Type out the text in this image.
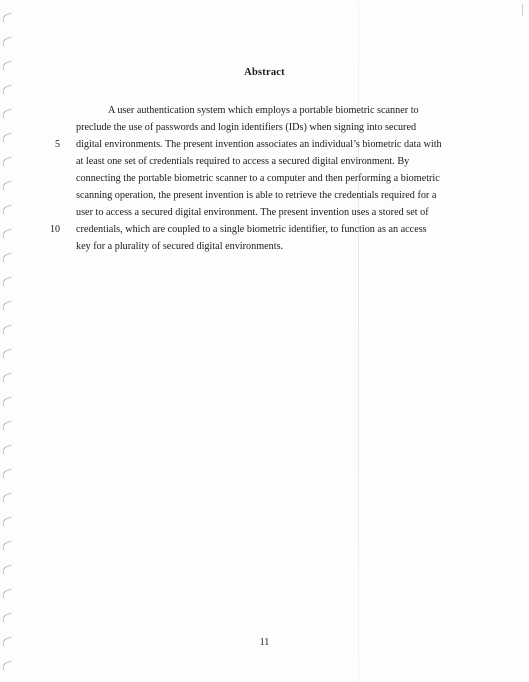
Abstract
5
10

A user authentication system which employs a portable biometric scanner to
preclude the use of passwords and login identifiers (IDs) when signing into secured
digital environments. The present invention associates an individual’s biometric data with
at least one set of credentials required to access a secured digital environment. By
connecting the portable biometric scanner to a computer and then performing a biometric
scanning operation, the present invention is able to retrieve the credentials required for a
user to access a secured digital environment. The present invention uses a stored set of
credentials, which are coupled to a single biometric identifier, to function as an access
key for a plurality of secured digital environments.

11
